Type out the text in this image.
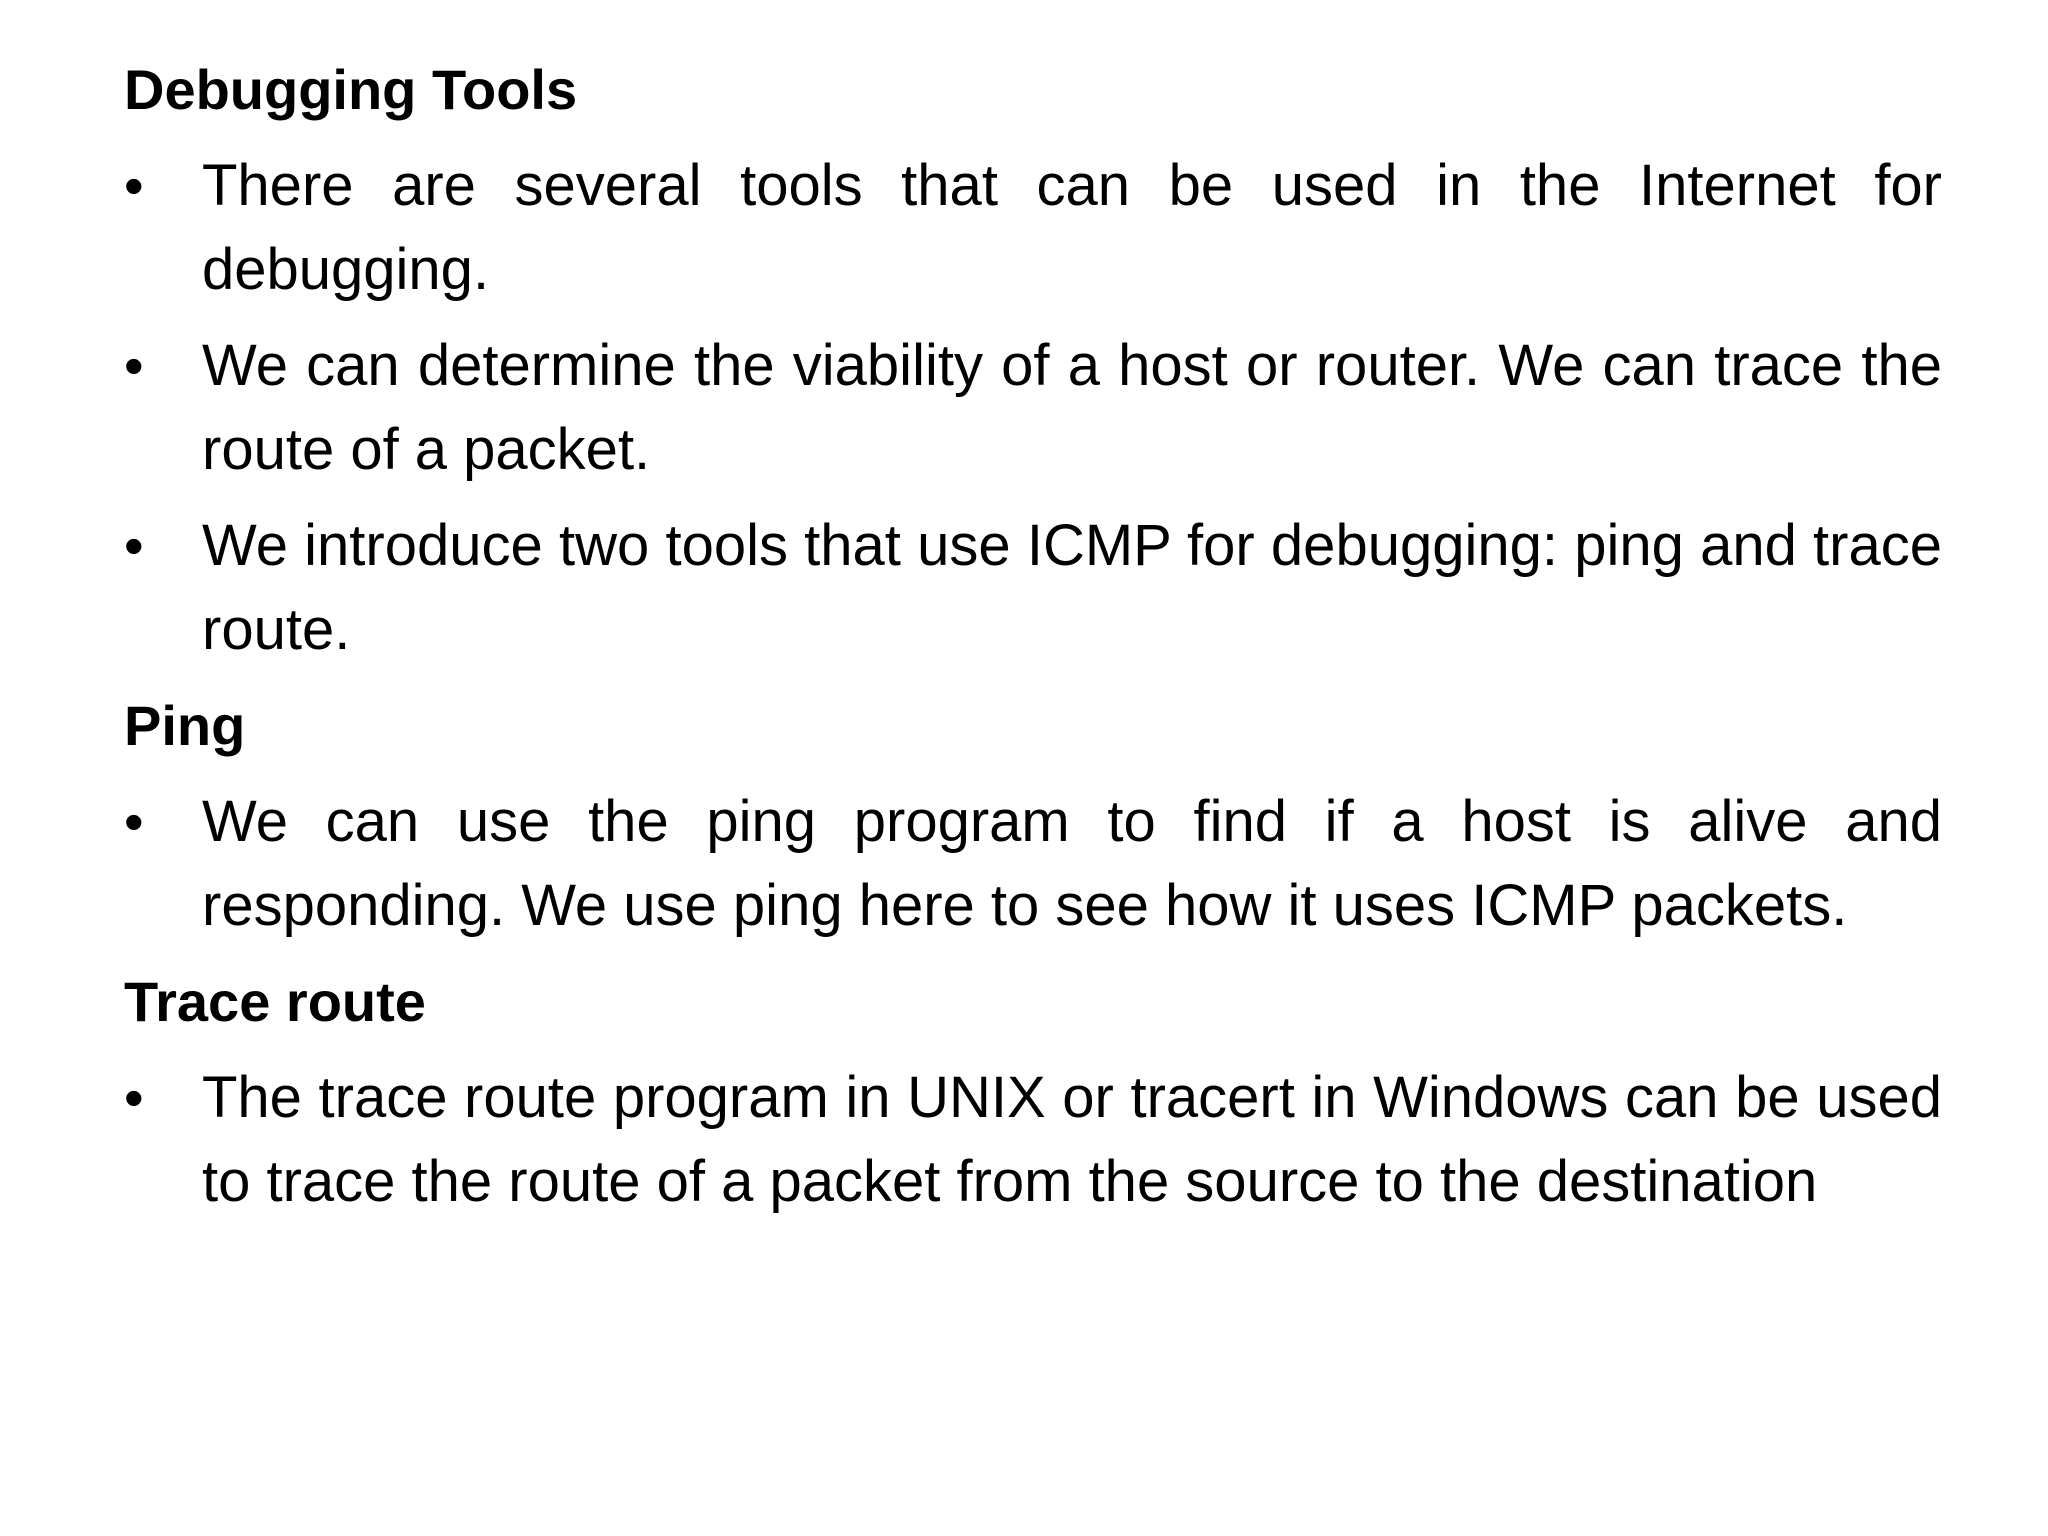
Debugging Tools
•	There are several tools that can be used in the Internet for debugging.
•	We can determine the viability of a host or router. We can trace the route of a packet.
•	We introduce two tools that use ICMP for debugging: ping and trace route.
Ping
•	We can use the ping program to find if a host is alive and responding. We use ping here to see how it uses ICMP packets.
Trace route
•	The trace route program in UNIX or tracert in Windows can be used to trace the route of a packet from the source to the destination
